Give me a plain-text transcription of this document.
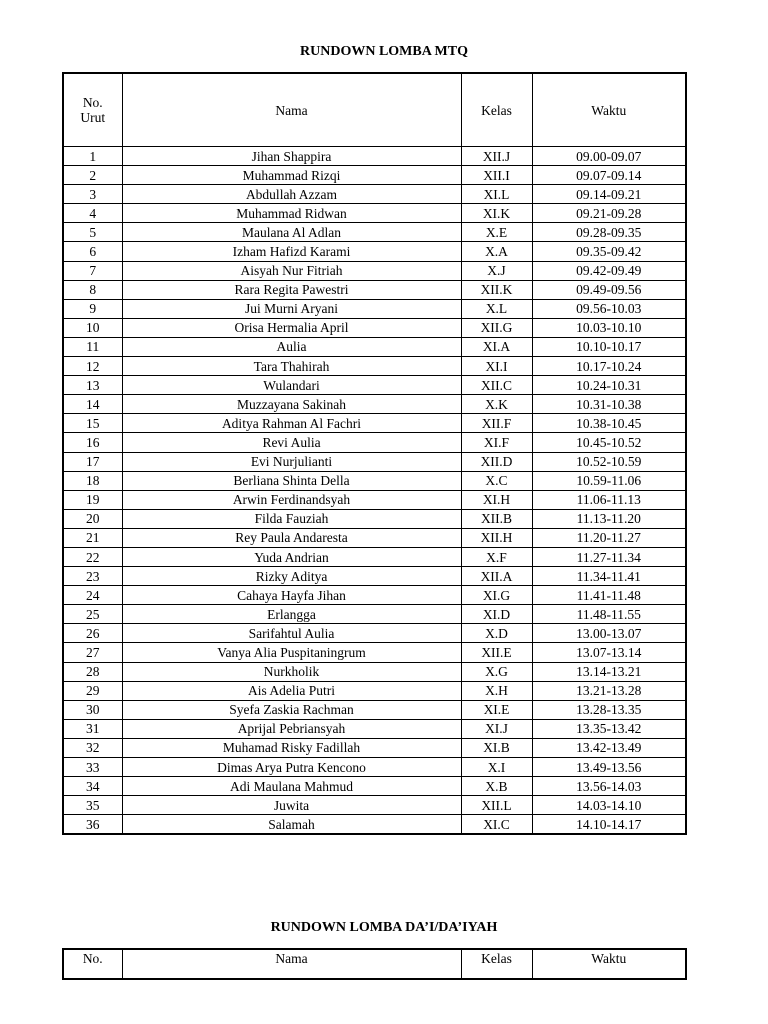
RUNDOWN LOMBA MTQ
No.
Urut	Nama	Kelas	Waktu
1	Jihan Shappira	XII.J	09.00-09.07
2	Muhammad Rizqi	XII.I	09.07-09.14
3	Abdullah Azzam	XI.L	09.14-09.21
4	Muhammad Ridwan	XI.K	09.21-09.28
5	Maulana Al Adlan	X.E	09.28-09.35
6	Izham Hafizd Karami	X.A	09.35-09.42
7	Aisyah Nur Fitriah	X.J	09.42-09.49
8	Rara Regita Pawestri	XII.K	09.49-09.56
9	Jui Murni Aryani	X.L	09.56-10.03
10	Orisa Hermalia April	XII.G	10.03-10.10
11	Aulia	XI.A	10.10-10.17
12	Tara Thahirah	XI.I	10.17-10.24
13	Wulandari	XII.C	10.24-10.31
14	Muzzayana Sakinah	X.K	10.31-10.38
15	Aditya Rahman Al Fachri	XII.F	10.38-10.45
16	Revi Aulia	XI.F	10.45-10.52
17	Evi Nurjulianti	XII.D	10.52-10.59
18	Berliana Shinta Della	X.C	10.59-11.06
19	Arwin Ferdinandsyah	XI.H	11.06-11.13
20	Filda Fauziah	XII.B	11.13-11.20
21	Rey Paula Andaresta	XII.H	11.20-11.27
22	Yuda Andrian	X.F	11.27-11.34
23	Rizky Aditya	XII.A	11.34-11.41
24	Cahaya Hayfa Jihan	XI.G	11.41-11.48
25	Erlangga	XI.D	11.48-11.55
26	Sarifahtul Aulia	X.D	13.00-13.07
27	Vanya Alia Puspitaningrum	XII.E	13.07-13.14
28	Nurkholik	X.G	13.14-13.21
29	Ais Adelia Putri	X.H	13.21-13.28
30	Syefa Zaskia Rachman	XI.E	13.28-13.35
31	Aprijal Pebriansyah	XI.J	13.35-13.42
32	Muhamad Risky Fadillah	XI.B	13.42-13.49
33	Dimas Arya Putra Kencono	X.I	13.49-13.56
34	Adi Maulana Mahmud	X.B	13.56-14.03
35	Juwita	XII.L	14.03-14.10
36	Salamah	XI.C	14.10-14.17
RUNDOWN LOMBA DA’I/DA’IYAH
No.	Nama	Kelas	Waktu
